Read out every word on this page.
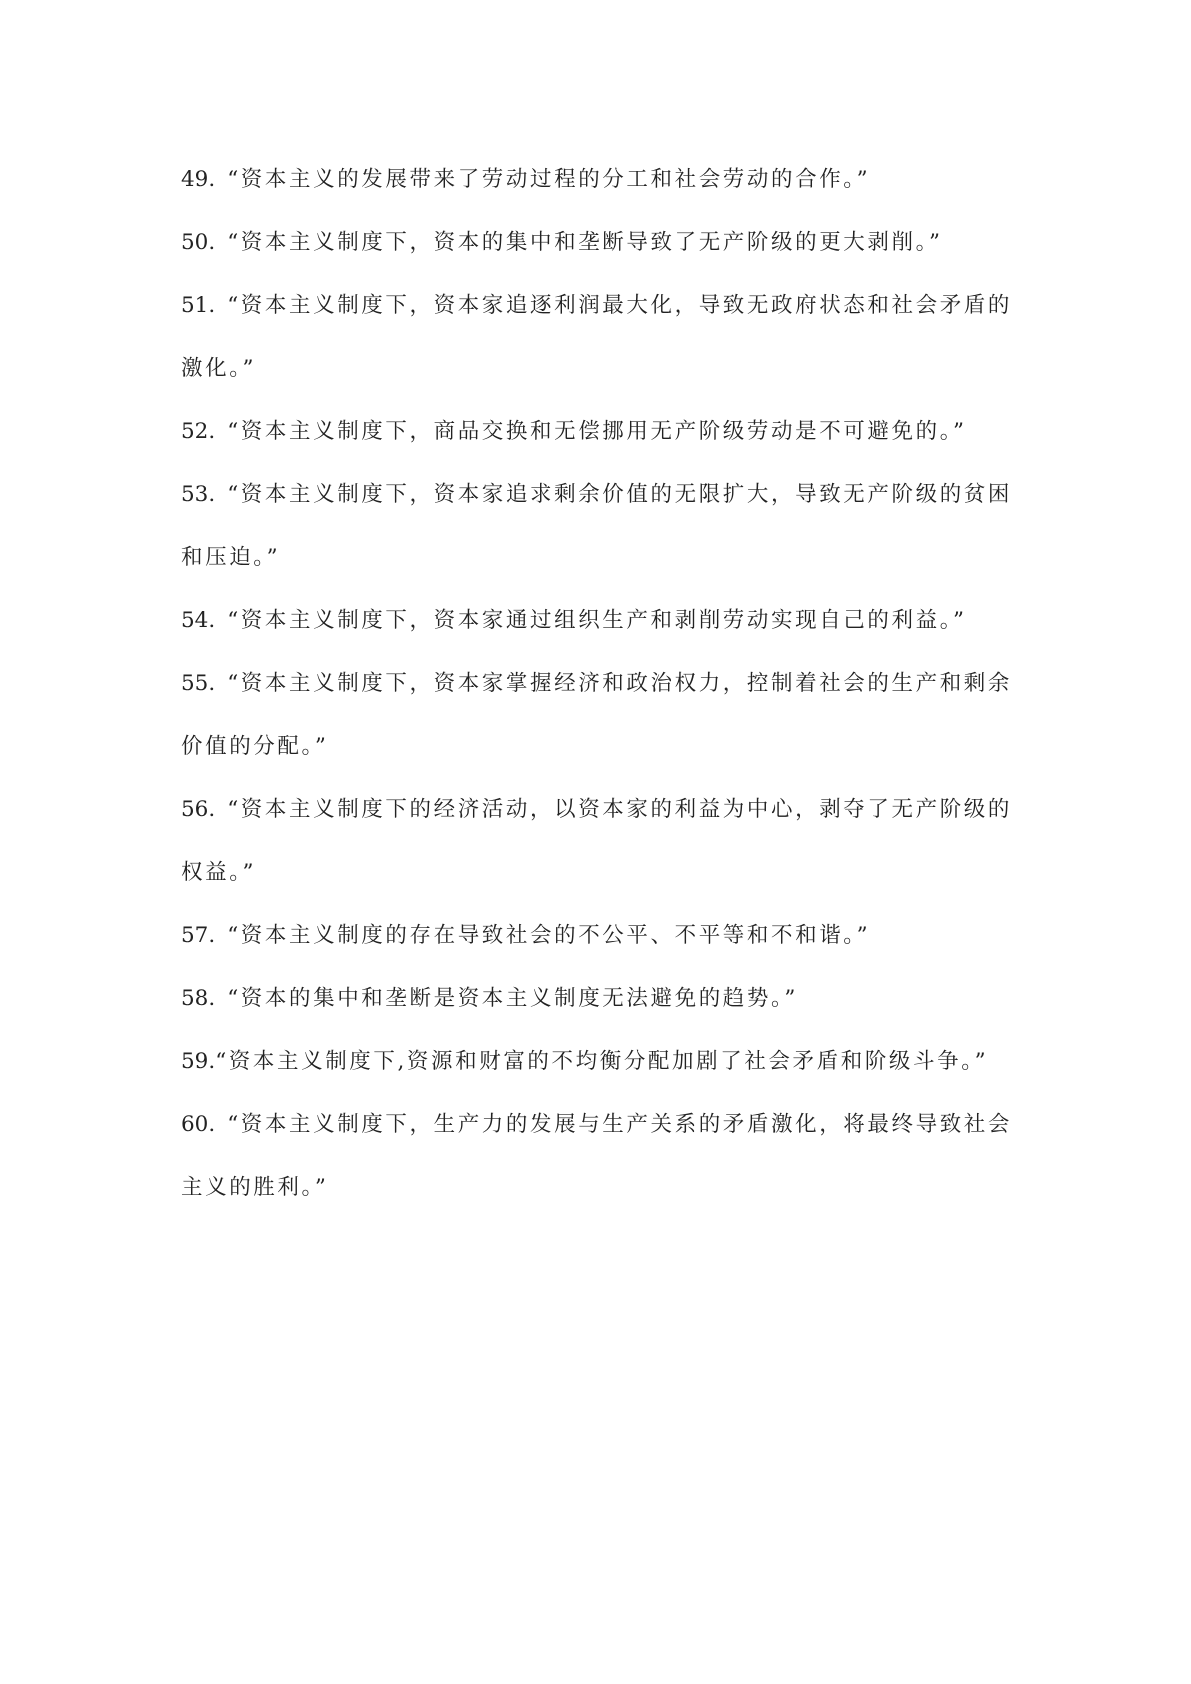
49. “资本主义的发展带来了劳动过程的分工和社会劳动的合作。”

50. “资本主义制度下，资本的集中和垄断导致了无产阶级的更大剥削。”

51. “资本主义制度下，资本家追逐利润最大化，导致无政府状态和社会矛盾的激化。”

52. “资本主义制度下，商品交换和无偿挪用无产阶级劳动是不可避免的。”

53. “资本主义制度下，资本家追求剩余价值的无限扩大，导致无产阶级的贫困和压迫。”

54. “资本主义制度下，资本家通过组织生产和剥削劳动实现自己的利益。”

55. “资本主义制度下，资本家掌握经济和政治权力，控制着社会的生产和剩余价值的分配。”

56. “资本主义制度下的经济活动，以资本家的利益为中心，剥夺了无产阶级的权益。”

57. “资本主义制度的存在导致社会的不公平、不平等和不和谐。”

58. “资本的集中和垄断是资本主义制度无法避免的趋势。”

59.“资本主义制度下,资源和财富的不均衡分配加剧了社会矛盾和阶级斗争。”

60. “资本主义制度下，生产力的发展与生产关系的矛盾激化，将最终导致社会主义的胜利。”
